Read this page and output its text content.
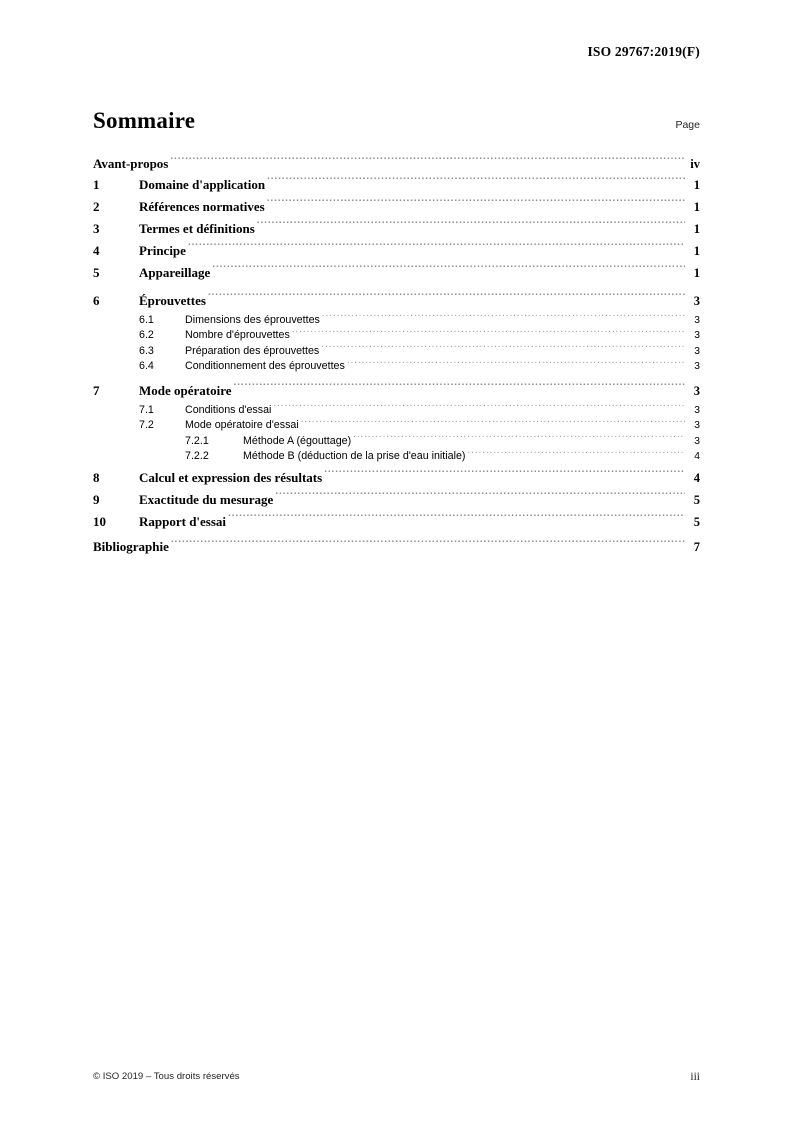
ISO 29767:2019(F)
Sommaire	Page
Avant-propos .....	iv
1	Domaine d'application .....	1
2	Références normatives .....	1
3	Termes et définitions .....	1
4	Principe .....	1
5	Appareillage .....	1
6	Éprouvettes .....	3
6.1	Dimensions des éprouvettes .....	3
6.2	Nombre d'éprouvettes .....	3
6.3	Préparation des éprouvettes .....	3
6.4	Conditionnement des éprouvettes .....	3
7	Mode opératoire .....	3
7.1	Conditions d'essai .....	3
7.2	Mode opératoire d'essai .....	3
7.2.1	Méthode A (égouttage) .....	3
7.2.2	Méthode B (déduction de la prise d'eau initiale) .....	4
8	Calcul et expression des résultats .....	4
9	Exactitude du mesurage .....	5
10	Rapport d'essai .....	5
Bibliographie .....	7
© ISO 2019 – Tous droits réservés	iii
